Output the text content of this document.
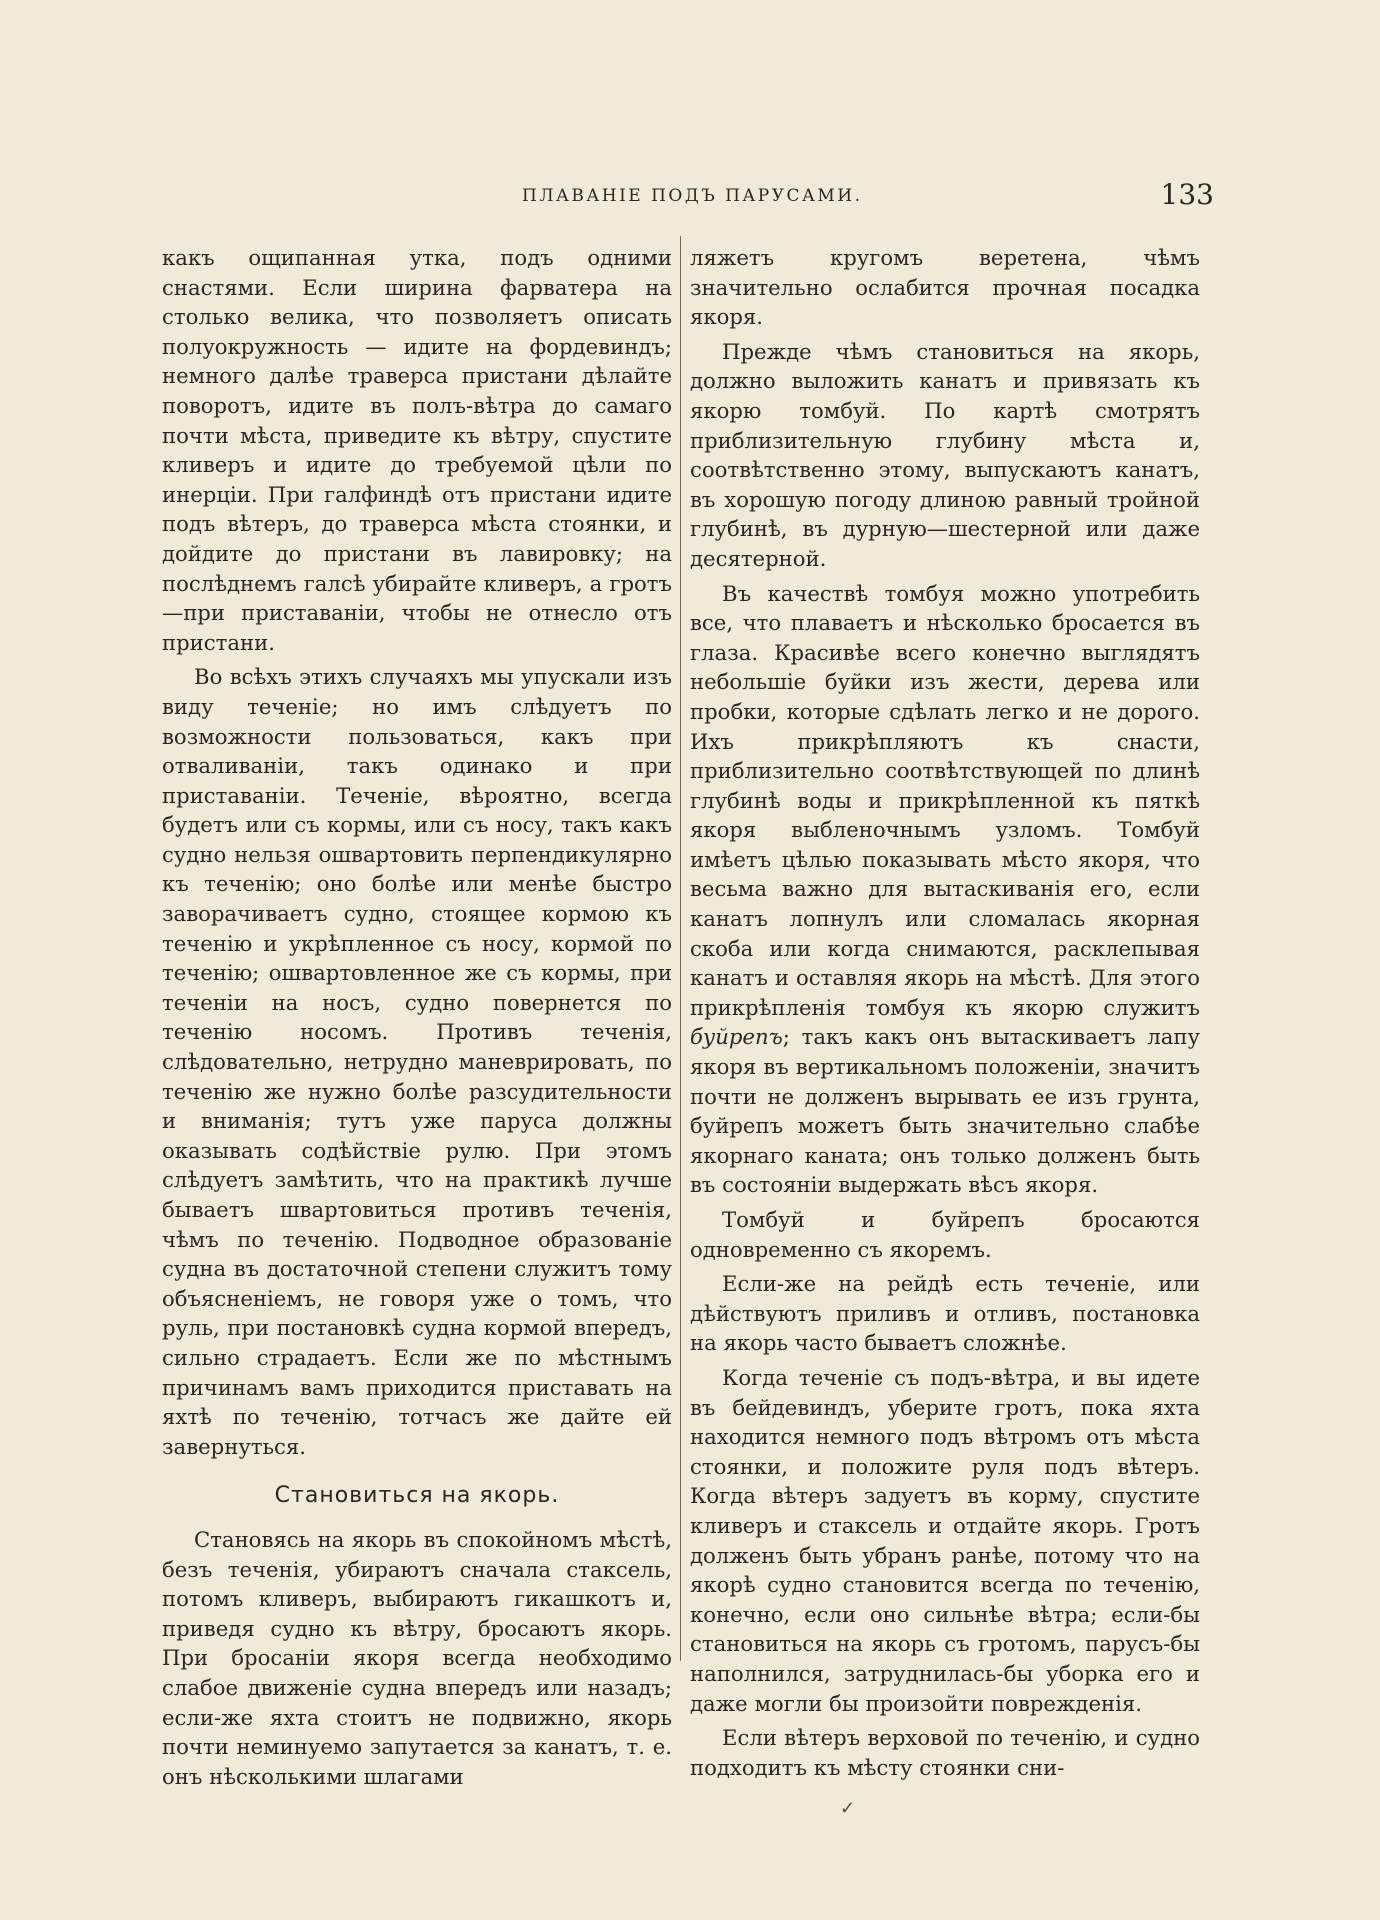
ПЛАВАНІЕ ПОДЪ ПАРУСАМИ.	133

какъ ощипанная утка, подъ одними снастями. Если ширина фарватера на столько велика, что позволяетъ описать полуокружность — идите на фордевиндъ; немного далѣе траверса пристани дѣлайте поворотъ, идите въ полъ-вѣтра до самаго почти мѣста, приведите къ вѣтру, спустите кливеръ и идите до требуемой цѣли по инерціи. При галфиндѣ отъ пристани идите подъ вѣтеръ, до траверса мѣста стоянки, и дойдите до пристани въ лавировку; на послѣднемъ галсѣ убирайте кливеръ, а гротъ—при приставаніи, чтобы не отнесло отъ пристани.

Во всѣхъ этихъ случаяхъ мы упускали изъ виду теченіе; но имъ слѣдуетъ по возможности пользоваться, какъ при отваливаніи, такъ одинако и при приставаніи. Теченіе, вѣроятно, всегда будетъ или съ кормы, или съ носу, такъ какъ судно нельзя ошвартовить перпендикулярно къ теченію; оно болѣе или менѣе быстро заворачиваетъ судно, стоящее кормою къ теченію и укрѣпленное съ носу, кормой по теченію; ошвартовленное же съ кормы, при теченіи на носъ, судно повернется по теченію носомъ. Противъ теченія, слѣдовательно, нетрудно маневрировать, по теченію же нужно болѣе разсудительности и вниманія; тутъ уже паруса должны оказывать содѣйствіе рулю. При этомъ слѣдуетъ замѣтить, что на практикѣ лучше бываетъ швартовиться противъ теченія, чѣмъ по теченію. Подводное образованіе судна въ достаточной степени служитъ тому объясненіемъ, не говоря уже о томъ, что руль, при постановкѣ судна кормой впередъ, сильно страдаетъ. Если же по мѣстнымъ причинамъ вамъ приходится приставать на яхтѣ по теченію, тотчасъ же дайте ей завернуться.

Становиться на якорь.

Становясь на якорь въ спокойномъ мѣстѣ, безъ теченія, убираютъ сначала стаксель, потомъ кливеръ, выбираютъ гикашкотъ и, приведя судно къ вѣтру, бросаютъ якорь. При бросаніи якоря всегда необходимо слабое движеніе судна впередъ или назадъ; если-же яхта стоитъ не подвижно, якорь почти неминуемо запутается за канатъ, т. е. онъ нѣсколькими шлагами

ляжетъ кругомъ веретена, чѣмъ значительно ослабится прочная посадка якоря.

Прежде чѣмъ становиться на якорь, должно выложить канатъ и привязать къ якорю томбуй. По картѣ смотрятъ приблизительную глубину мѣста и, соотвѣтственно этому, выпускаютъ канатъ, въ хорошую погоду длиною равный тройной глубинѣ, въ дурную—шестерной или даже десятерной.

Въ качествѣ томбуя можно употребить все, что плаваетъ и нѣсколько бросается въ глаза. Красивѣе всего конечно выглядятъ небольшіе буйки изъ жести, дерева или пробки, которые сдѣлать легко и не дорого. Ихъ прикрѣпляютъ къ снасти, приблизительно соотвѣтствующей по длинѣ глубинѣ воды и прикрѣпленной къ пяткѣ якоря выбленочнымъ узломъ. Томбуй имѣетъ цѣлью показывать мѣсто якоря, что весьма важно для вытаскиванія его, если канатъ лопнулъ или сломалась якорная скоба или когда снимаются, расклепывая канатъ и оставляя якорь на мѣстѣ. Для этого прикрѣпленія томбуя къ якорю служитъ буйрепъ; такъ какъ онъ вытаскиваетъ лапу якоря въ вертикальномъ положеніи, значитъ почти не долженъ вырывать ее изъ грунта, буйрепъ можетъ быть значительно слабѣе якорнаго каната; онъ только долженъ быть въ состояніи выдержать вѣсъ якоря.

Томбуй и буйрепъ бросаются одновременно съ якоремъ.

Если-же на рейдѣ есть теченіе, или дѣйствуютъ приливъ и отливъ, постановка на якорь часто бываетъ сложнѣе.

Когда теченіе съ подъ-вѣтра, и вы идете въ бейдевиндъ, уберите гротъ, пока яхта находится немного подъ вѣтромъ отъ мѣста стоянки, и положите руля подъ вѣтеръ. Когда вѣтеръ задуетъ въ корму, спустите кливеръ и стаксель и отдайте якорь. Гротъ долженъ быть убранъ ранѣе, потому что на якорѣ судно становится всегда по теченію, конечно, если оно сильнѣе вѣтра; если-бы становиться на якорь съ гротомъ, парусъ-бы наполнился, затруднилась-бы уборка его и даже могли бы произойти поврежденія.

Если вѣтеръ верховой по теченію, и судно подходитъ къ мѣсту стоянки сни-

✓
